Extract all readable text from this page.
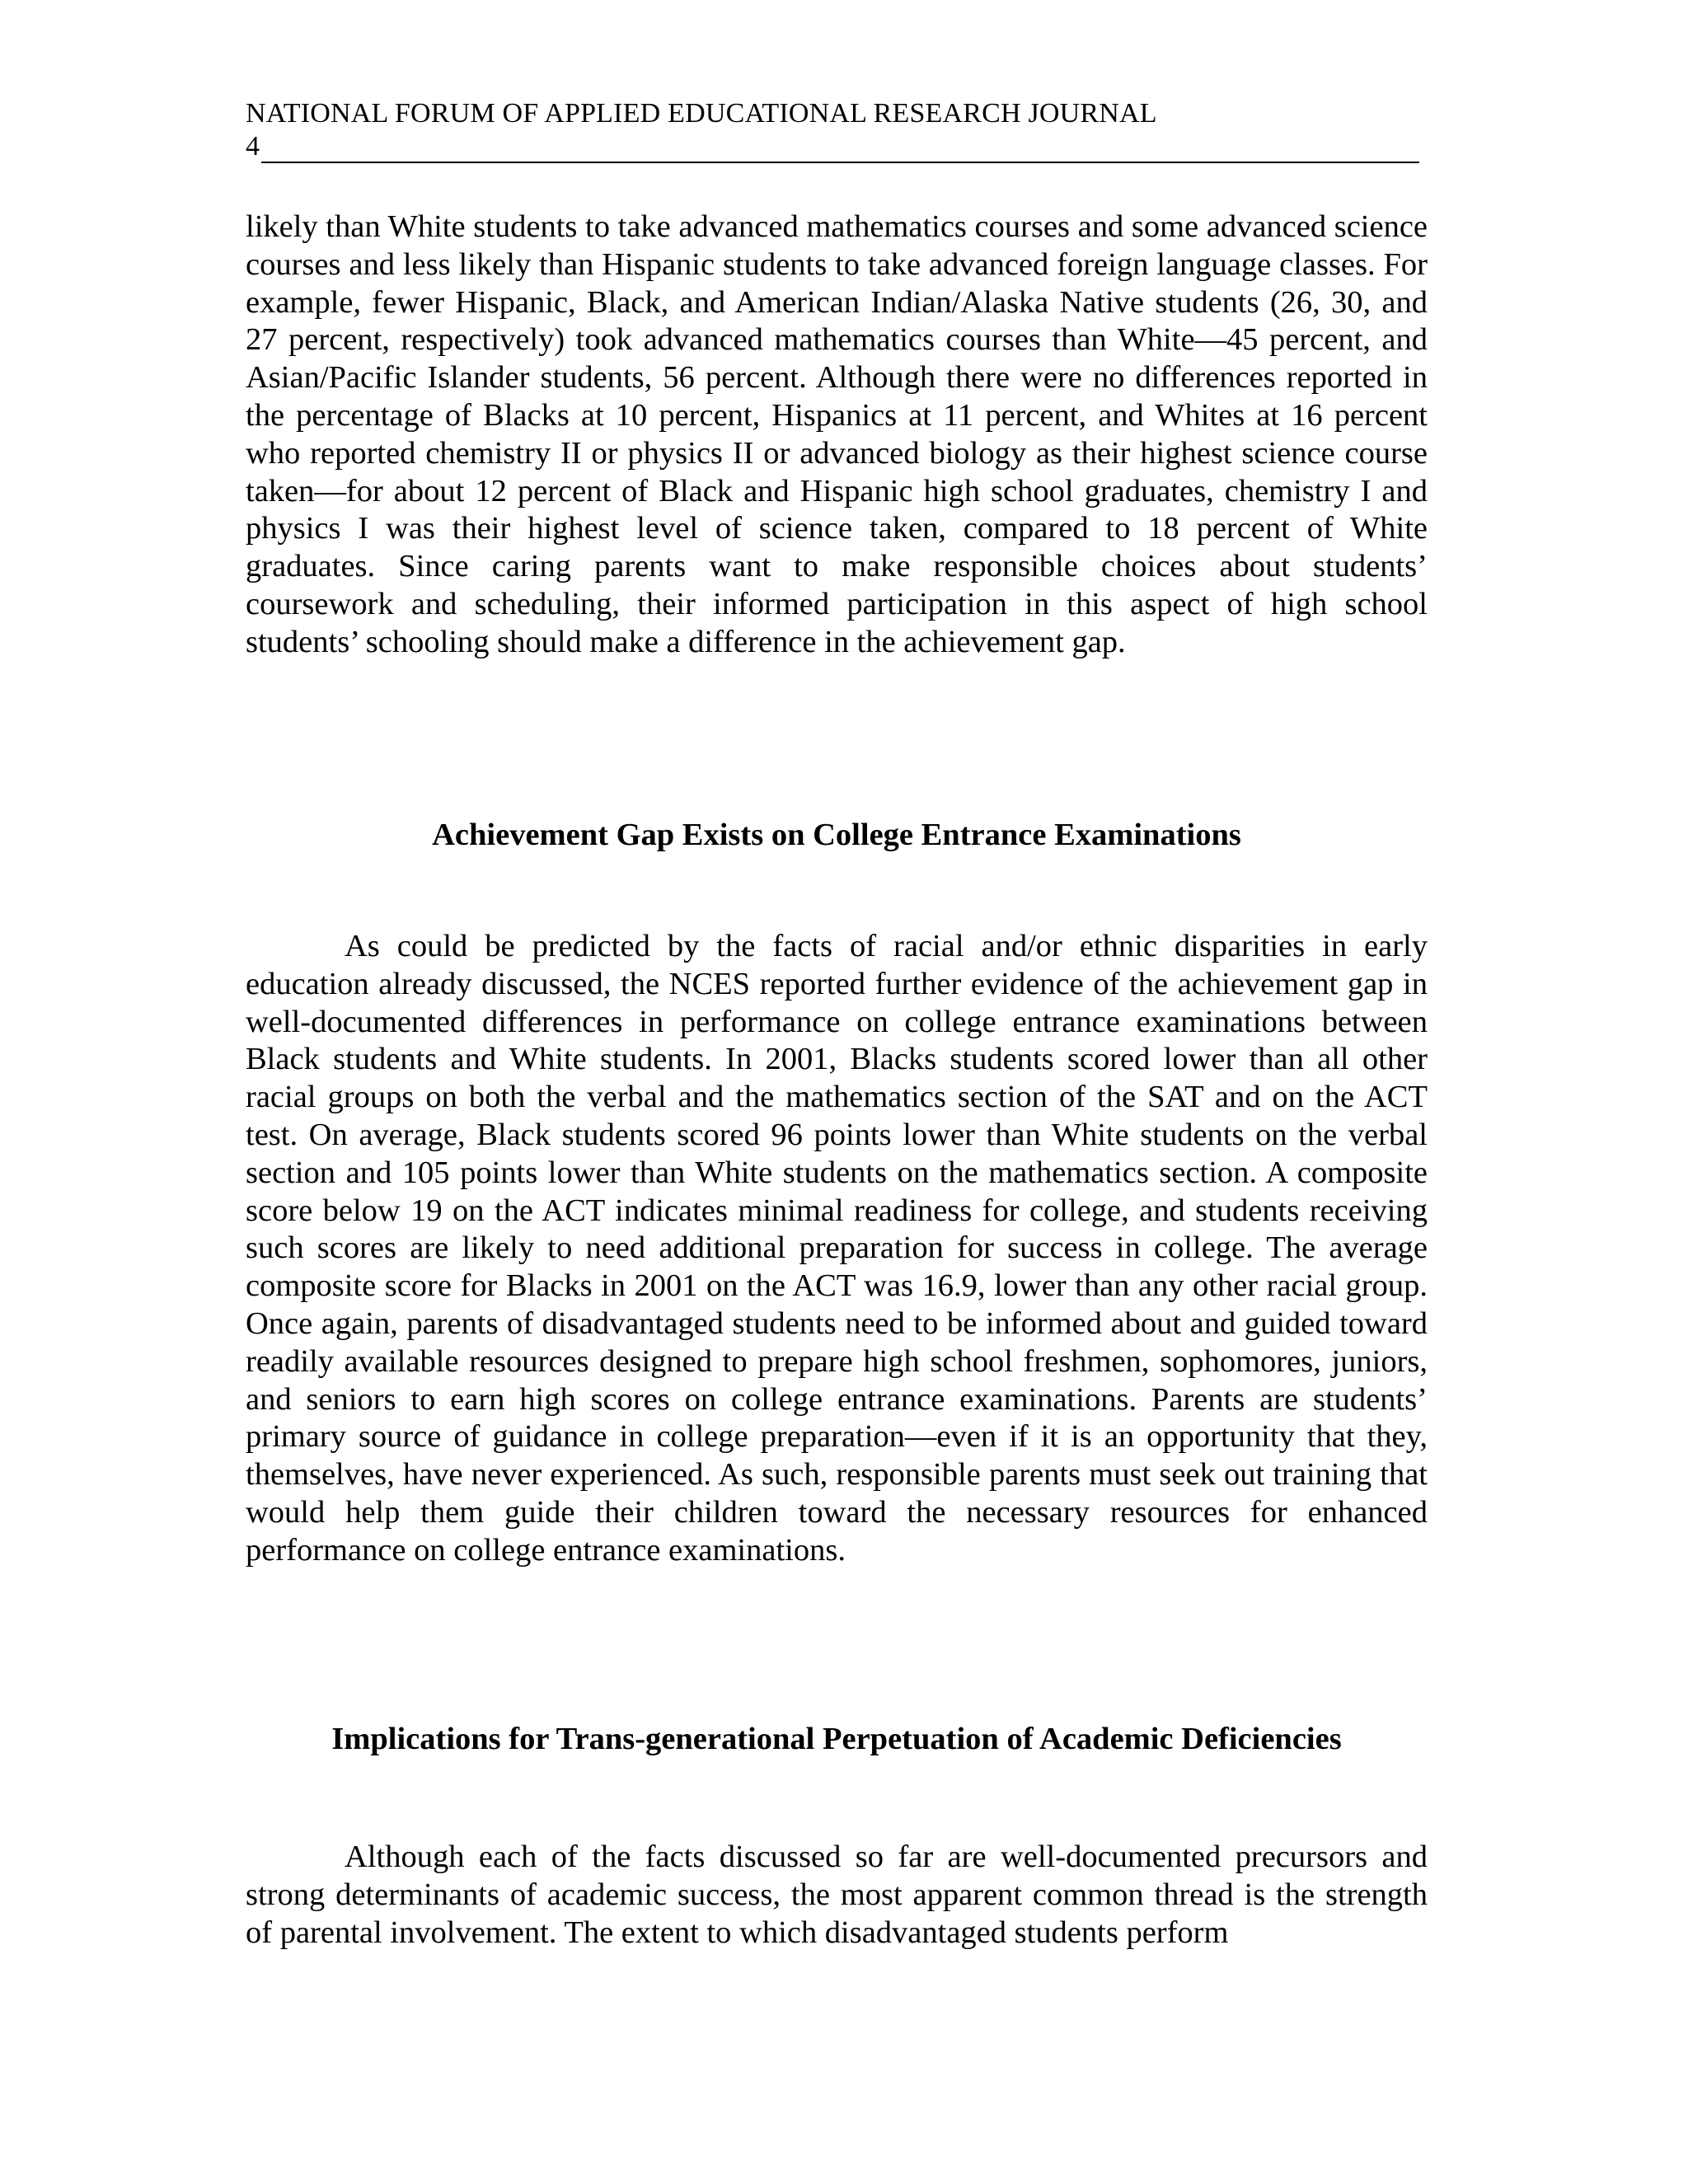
NATIONAL FORUM OF APPLIED EDUCATIONAL RESEARCH JOURNAL
4

likely than White students to take advanced mathematics courses and some advanced science courses and less likely than Hispanic students to take advanced foreign language classes. For example, fewer Hispanic, Black, and American Indian/Alaska Native students (26, 30, and 27 percent, respectively) took advanced mathematics courses than White—45 percent, and Asian/Pacific Islander students, 56 percent. Although there were no differences reported in the percentage of Blacks at 10 percent, Hispanics at 11 percent, and Whites at 16 percent who reported chemistry II or physics II or advanced biology as their highest science course taken—for about 12 percent of Black and Hispanic high school graduates, chemistry I and physics I was their highest level of science taken, compared to 18 percent of White graduates. Since caring parents want to make responsible choices about students’ coursework and scheduling, their informed participation in this aspect of high school students’ schooling should make a difference in the achievement gap.

Achievement Gap Exists on College Entrance Examinations

As could be predicted by the facts of racial and/or ethnic disparities in early education already discussed, the NCES reported further evidence of the achievement gap in well-documented differences in performance on college entrance examinations between Black students and White students. In 2001, Blacks students scored lower than all other racial groups on both the verbal and the mathematics section of the SAT and on the ACT test. On average, Black students scored 96 points lower than White students on the verbal section and 105 points lower than White students on the mathematics section. A composite score below 19 on the ACT indicates minimal readiness for college, and students receiving such scores are likely to need additional preparation for success in college. The average composite score for Blacks in 2001 on the ACT was 16.9, lower than any other racial group. Once again, parents of disadvantaged students need to be informed about and guided toward readily available resources designed to prepare high school freshmen, sophomores, juniors, and seniors to earn high scores on college entrance examinations. Parents are students’ primary source of guidance in college preparation—even if it is an opportunity that they, themselves, have never experienced. As such, responsible parents must seek out training that would help them guide their children toward the necessary resources for enhanced performance on college entrance examinations.

Implications for Trans-generational Perpetuation of Academic Deficiencies

Although each of the facts discussed so far are well-documented precursors and strong determinants of academic success, the most apparent common thread is the strength of parental involvement. The extent to which disadvantaged students perform
